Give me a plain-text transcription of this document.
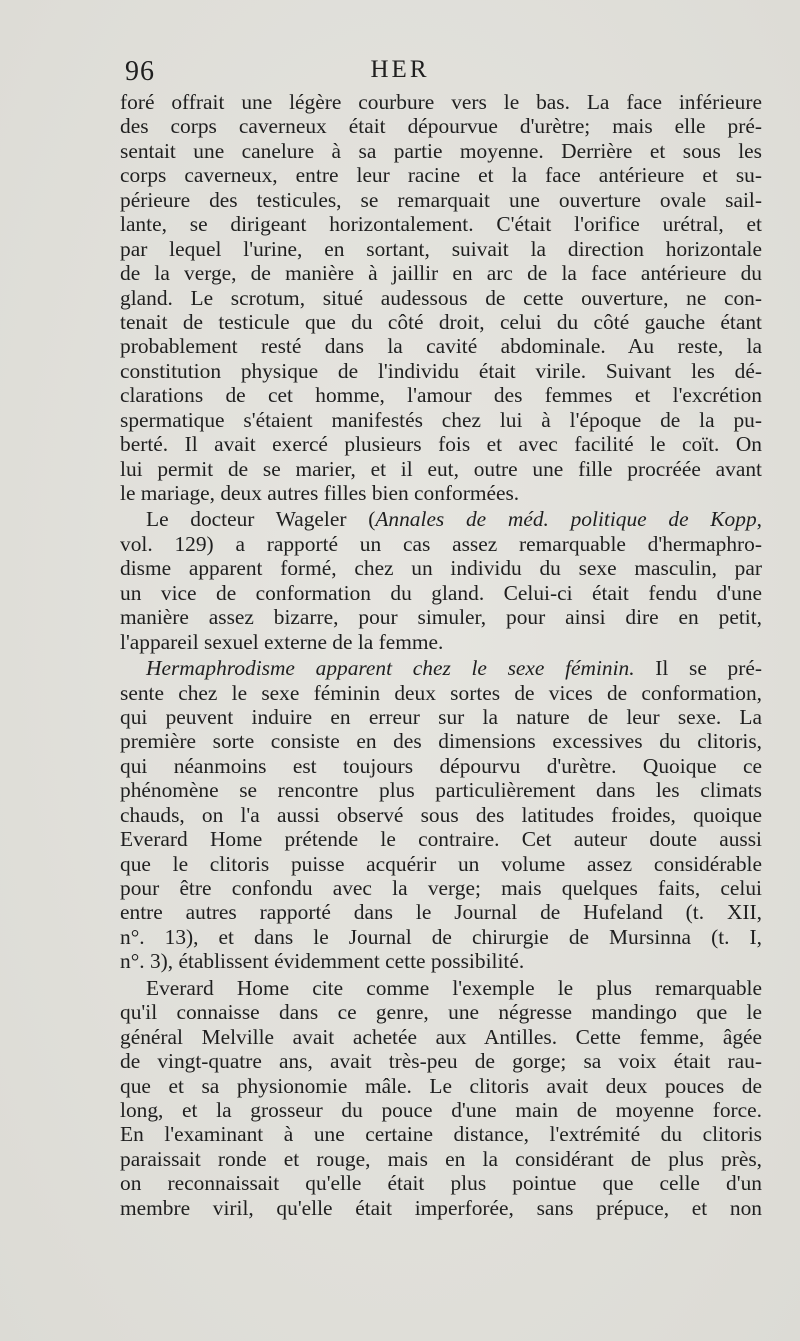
96	HER
foré offrait une légère courbure vers le bas. La face inférieure
des corps caverneux était dépourvue d'urètre; mais elle pré-
sentait une canelure à sa partie moyenne. Derrière et sous les
corps caverneux, entre leur racine et la face antérieure et su-
périeure des testicules, se remarquait une ouverture ovale sail-
lante, se dirigeant horizontalement. C'était l'orifice urétral, et
par lequel l'urine, en sortant, suivait la direction horizontale
de la verge, de manière à jaillir en arc de la face antérieure du
gland. Le scrotum, situé audessous de cette ouverture, ne con-
tenait de testicule que du côté droit, celui du côté gauche étant
probablement resté dans la cavité abdominale. Au reste, la
constitution physique de l'individu était virile. Suivant les dé-
clarations de cet homme, l'amour des femmes et l'excrétion
spermatique s'étaient manifestés chez lui à l'époque de la pu-
berté. Il avait exercé plusieurs fois et avec facilité le coït. On
lui permit de se marier, et il eut, outre une fille procréée avant
le mariage, deux autres filles bien conformées.
Le docteur Wageler (Annales de méd. politique de Kopp,
vol. 129) a rapporté un cas assez remarquable d'hermaphro-
disme apparent formé, chez un individu du sexe masculin, par
un vice de conformation du gland. Celui-ci était fendu d'une
manière assez bizarre, pour simuler, pour ainsi dire en petit,
l'appareil sexuel externe de la femme.
Hermaphrodisme apparent chez le sexe féminin. Il se pré-
sente chez le sexe féminin deux sortes de vices de conformation,
qui peuvent induire en erreur sur la nature de leur sexe. La
première sorte consiste en des dimensions excessives du clitoris,
qui néanmoins est toujours dépourvu d'urètre. Quoique ce
phénomène se rencontre plus particulièrement dans les climats
chauds, on l'a aussi observé sous des latitudes froides, quoique
Everard Home prétende le contraire. Cet auteur doute aussi
que le clitoris puisse acquérir un volume assez considérable
pour être confondu avec la verge; mais quelques faits, celui
entre autres rapporté dans le Journal de Hufeland (t. XII,
n°. 13), et dans le Journal de chirurgie de Mursinna (t. I,
n°. 3), établissent évidemment cette possibilité.
Everard Home cite comme l'exemple le plus remarquable
qu'il connaisse dans ce genre, une négresse mandingo que le
général Melville avait achetée aux Antilles. Cette femme, âgée
de vingt-quatre ans, avait très-peu de gorge; sa voix était rau-
que et sa physionomie mâle. Le clitoris avait deux pouces de
long, et la grosseur du pouce d'une main de moyenne force.
En l'examinant à une certaine distance, l'extrémité du clitoris
paraissait ronde et rouge, mais en la considérant de plus près,
on reconnaissait qu'elle était plus pointue que celle d'un
membre viril, qu'elle était imperforée, sans prépuce, et non
